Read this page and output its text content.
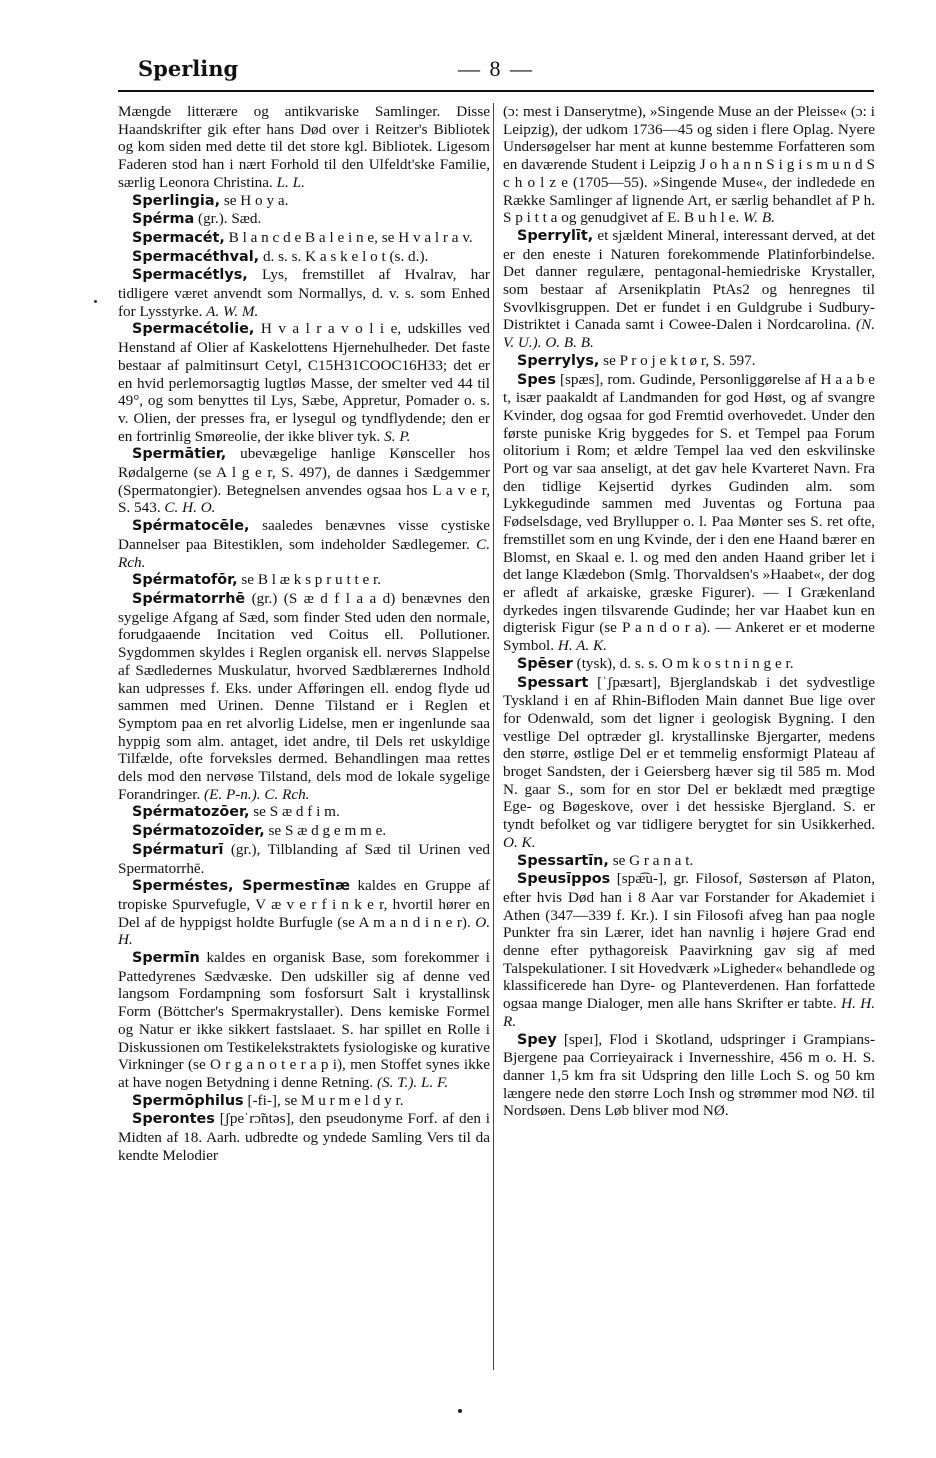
Sperling	— 8 —

Mængde litterære og antikvariske Samlinger. Disse Haandskrifter gik efter hans Død over i Reitzer's Bibliotek og kom siden med dette til det store kgl. Bibliotek. Ligesom Faderen stod han i nært Forhold til den Ulfeldt'ske Familie, særlig Leonora Christina. L. L.

Sperlingia, se H o y a.

Spérma (gr.). Sæd.

Spermacét, B l a n c d e B a l e i n e, se H v a l r a v.

Spermacéthval, d. s. s. K a s k e l o t (s. d.).

Spermacétlys, Lys, fremstillet af Hvalrav, har tidligere været anvendt som Normallys, d. v. s. som Enhed for Lysstyrke. A. W. M.

Spermacétolie, H v a l r a v o l i e, udskilles ved Henstand af Olier af Kaskelottens Hjernehulheder. Det faste bestaar af palmitinsurt Cetyl, C15H31COOC16H33; det er en hvid perlemorsagtig lugtløs Masse, der smelter ved 44 til 49°, og som benyttes til Lys, Sæbe, Appretur, Pomader o. s. v. Olien, der presses fra, er lysegul og tyndflydende; den er en fortrinlig Smøreolie, der ikke bliver tyk. S. P.

Spermātier, ubevægelige hanlige Kønsceller hos Rødalgerne (se A l g e r, S. 497), de dannes i Sædgemmer (Spermatongier). Betegnelsen anvendes ogsaa hos L a v e r, S. 543. C. H. O.

Spérmatocēle, saaledes benævnes visse cystiske Dannelser paa Bitestiklen, som indeholder Sædlegemer. C. Rch.

Spérmatofōr, se B l æ k s p r u t t e r.

Spérmatorrhē (gr.) (S æ d f l a a d) benævnes den sygelige Afgang af Sæd, som finder Sted uden den normale, forudgaaende Incitation ved Coitus ell. Pollutioner. Sygdommen skyldes i Reglen organisk ell. nervøs Slappelse af Sædledernes Muskulatur, hvorved Sædblærernes Indhold kan udpresses f. Eks. under Afføringen ell. endog flyde ud sammen med Urinen. Denne Tilstand er i Reglen et Symptom paa en ret alvorlig Lidelse, men er ingenlunde saa hyppig som alm. antaget, idet andre, til Dels ret uskyldige Tilfælde, ofte forveksles dermed. Behandlingen maa rettes dels mod den nervøse Tilstand, dels mod de lokale sygelige Forandringer. (E. P-n.). C. Rch.

Spérmatozōer, se S æ d f i m.

Spérmatozoīder, se S æ d g e m m e.

Spérmaturī (gr.), Tilblanding af Sæd til Urinen ved Spermatorrhē.

Sperméstes, Spermestīnæ kaldes en Gruppe af tropiske Spurvefugle, V æ v e r f i n k e r, hvortil hører en Del af de hyppigst holdte Burfugle (se A m a n d i n e r). O. H.

Spermīn kaldes en organisk Base, som forekommer i Pattedyrenes Sædvæske. Den udskiller sig af denne ved langsom Fordampning som fosforsurt Salt i krystallinsk Form (Böttcher's Spermakrystaller). Dens kemiske Formel og Natur er ikke sikkert fastslaaet. S. har spillet en Rolle i Diskussionen om Testikelekstraktets fysiologiske og kurative Virkninger (se O r g a n o t e r a p i), men Stoffet synes ikke at have nogen Betydning i denne Retning. (S. T.). L. F.

Spermōphilus [-fi-], se M u r m e l d y r.

Sperontes [ʃpeˈrɔ̃ntəs], den pseudonyme Forf. af den i Midten af 18. Aarh. udbredte og yndede Samling Vers til da kendte Melodier

(ɔ: mest i Danserytme), »Singende Muse an der Pleisse« (ɔ: i Leipzig), der udkom 1736—45 og siden i flere Oplag. Nyere Undersøgelser har ment at kunne bestemme Forfatteren som en daværende Student i Leipzig J o h a n n S i g i s m u n d S c h o l z e (1705—55). »Singende Muse«, der indledede en Række Samlinger af lignende Art, er særlig behandlet af P h. S p i t t a og genudgivet af E. B u h l e. W. B.

Sperrylīt, et sjældent Mineral, interessant derved, at det er den eneste i Naturen forekommende Platinforbindelse. Det danner regulære, pentagonal-hemiedriske Krystaller, som bestaar af Arsenikplatin PtAs2 og henregnes til Svovlkisgruppen. Det er fundet i en Guldgrube i Sudbury-Distriktet i Canada samt i Cowee-Dalen i Nordcarolina. (N. V. U.). O. B. B.

Sperrylys, se P r o j e k t ø r, S. 597.

Spes [spæs], rom. Gudinde, Personliggørelse af H a a b e t, især paakaldt af Landmanden for god Høst, og af svangre Kvinder, dog ogsaa for god Fremtid overhovedet. Under den første puniske Krig byggedes for S. et Tempel paa Forum olitorium i Rom; et ældre Tempel laa ved den eskvilinske Port og var saa anseligt, at det gav hele Kvarteret Navn. Fra den tidlige Kejsertid dyrkes Gudinden alm. som Lykkegudinde sammen med Juventas og Fortuna paa Fødselsdage, ved Bryllupper o. l. Paa Mønter ses S. ret ofte, fremstillet som en ung Kvinde, der i den ene Haand bærer en Blomst, en Skaal e. l. og med den anden Haand griber let i det lange Klædebon (Smlg. Thorvaldsen's »Haabet«, der dog er afledt af arkaiske, græske Figurer). — I Grækenland dyrkedes ingen tilsvarende Gudinde; her var Haabet kun en digterisk Figur (se P a n d o r a). — Ankeret er et moderne Symbol. H. A. K.

Spēser (tysk), d. s. s. O m k o s t n i n g e r.

Spessart [ˈʃpæsart], Bjerglandskab i det sydvestlige Tyskland i en af Rhin-Bifloden Main dannet Bue lige over for Odenwald, som det ligner i geologisk Bygning. I den vestlige Del optræder gl. krystallinske Bjergarter, medens den større, østlige Del er et temmelig ensformigt Plateau af broget Sandsten, der i Geiersberg hæver sig til 585 m. Mod N. gaar S., som for en stor Del er beklædt med prægtige Ege- og Bøgeskove, over i det hessiske Bjergland. S. er tyndt befolket og var tidligere berygtet for sin Usikkerhed. O. K.

Spessartīn, se G r a n a t.

Speusīppos [spæ͡u-], gr. Filosof, Søstersøn af Platon, efter hvis Død han i 8 Aar var Forstander for Akademiet i Athen (347—339 f. Kr.). I sin Filosofi afveg han paa nogle Punkter fra sin Lærer, idet han navnlig i højere Grad end denne efter pythagoreisk Paavirkning gav sig af med Talspekulationer. I sit Hovedværk »Ligheder« behandlede og klassificerede han Dyre- og Planteverdenen. Han forfattede ogsaa mange Dialoger, men alle hans Skrifter er tabte. H. H. R.

Spey [speɪ], Flod i Skotland, udspringer i Grampians-Bjergene paa Corrieyairack i Invernesshire, 456 m o. H. S. danner 1,5 km fra sit Udspring den lille Loch S. og 50 km længere nede den større Loch Insh og strømmer mod NØ. til Nordsøen. Dens Løb bliver mod NØ.
